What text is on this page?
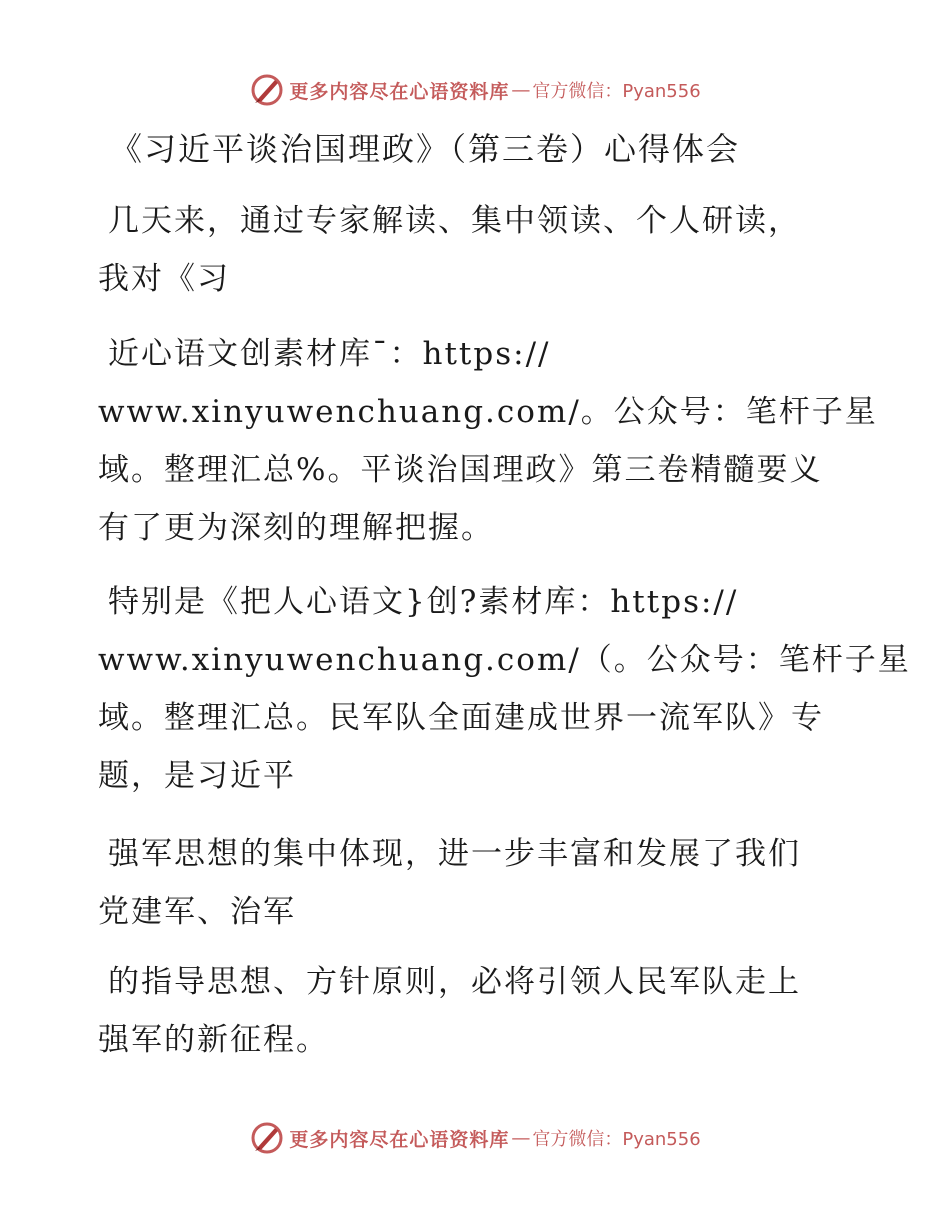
更多内容尽在心语资料库 — 官方微信：Pyan556
《习近平谈治国理政》（第三卷）心得体会

几天来，通过专家解读、集中领读、个人研读，
我对《习

近心语文创素材库¯：https://
www.xinyuwenchuang.com/。公众号：笔杆子星
域。整理汇总%。平谈治国理政》第三卷精髓要义
有了更为深刻的理解把握。

特别是《把人心语文}创?素材库：https://
www.xinyuwenchuang.com/（。公众号：笔杆子星
域。整理汇总。民军队全面建成世界一流军队》专
题，是习近平

强军思想的集中体现，进一步丰富和发展了我们
党建军、治军

的指导思想、方针原则，必将引领人民军队走上
强军的新征程。

更多内容尽在心语资料库 — 官方微信：Pyan556
